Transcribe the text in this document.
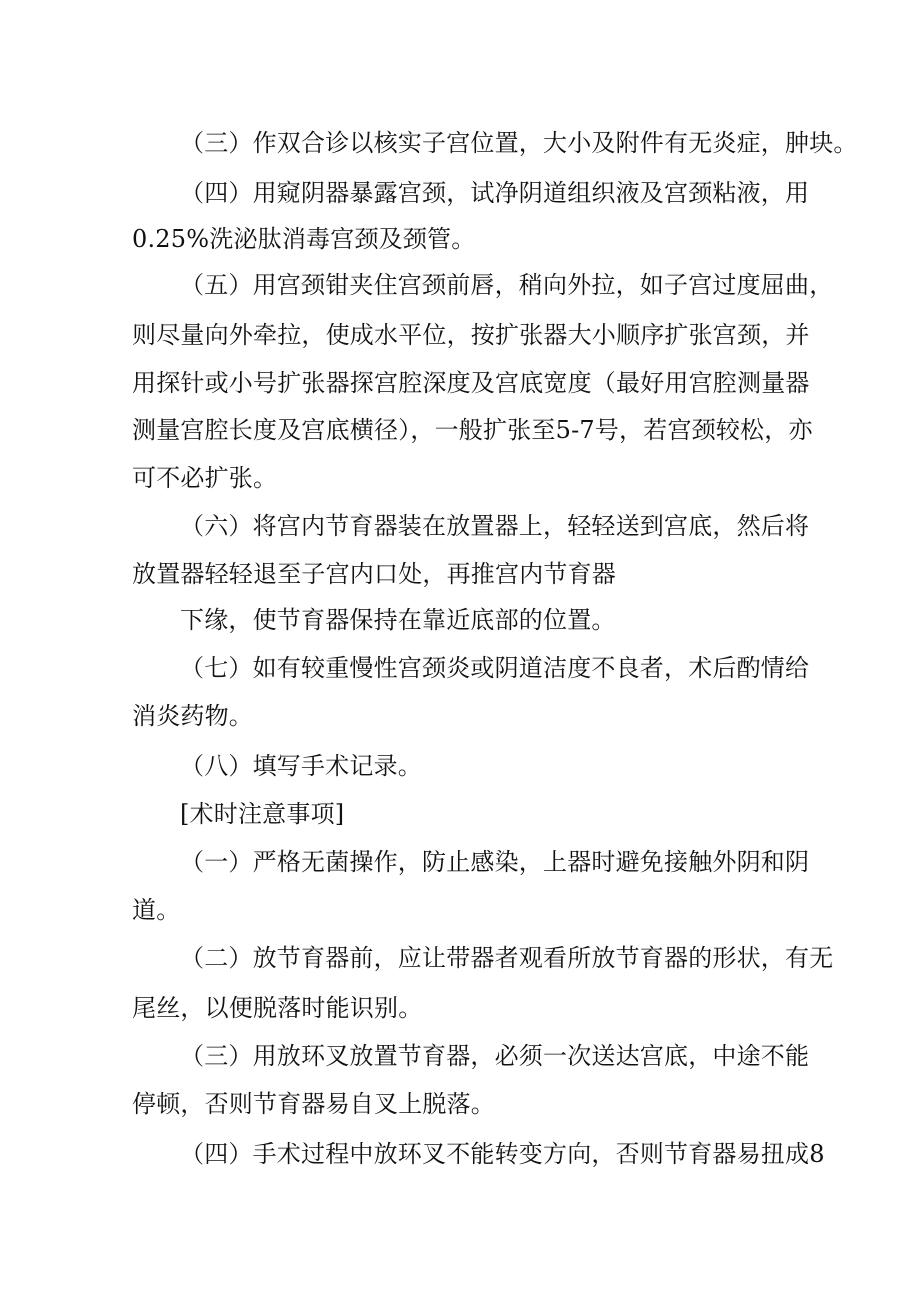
（三）作双合诊以核实子宫位置，大小及附件有无炎症，肿块。
（四）用窥阴器暴露宫颈，试净阴道组织液及宫颈粘液，用
0.25%洗泌肽消毒宫颈及颈管。
（五）用宫颈钳夹住宫颈前唇，稍向外拉，如子宫过度屈曲，
则尽量向外牵拉，使成水平位，按扩张器大小顺序扩张宫颈，并
用探针或小号扩张器探宫腔深度及宫底宽度（最好用宫腔测量器
测量宫腔长度及宫底横径），一般扩张至5-7号，若宫颈较松，亦
可不必扩张。
（六）将宫内节育器装在放置器上，轻轻送到宫底，然后将
放置器轻轻退至子宫内口处，再推宫内节育器
下缘，使节育器保持在靠近底部的位置。
（七）如有较重慢性宫颈炎或阴道洁度不良者，术后酌情给
消炎药物。
（八）填写手术记录。
[术时注意事项]
（一）严格无菌操作，防止感染，上器时避免接触外阴和阴
道。
（二）放节育器前，应让带器者观看所放节育器的形状，有无
尾丝，以便脱落时能识别。
（三）用放环叉放置节育器，必须一次送达宫底，中途不能
停顿，否则节育器易自叉上脱落。
（四）手术过程中放环叉不能转变方向，否则节育器易扭成8
